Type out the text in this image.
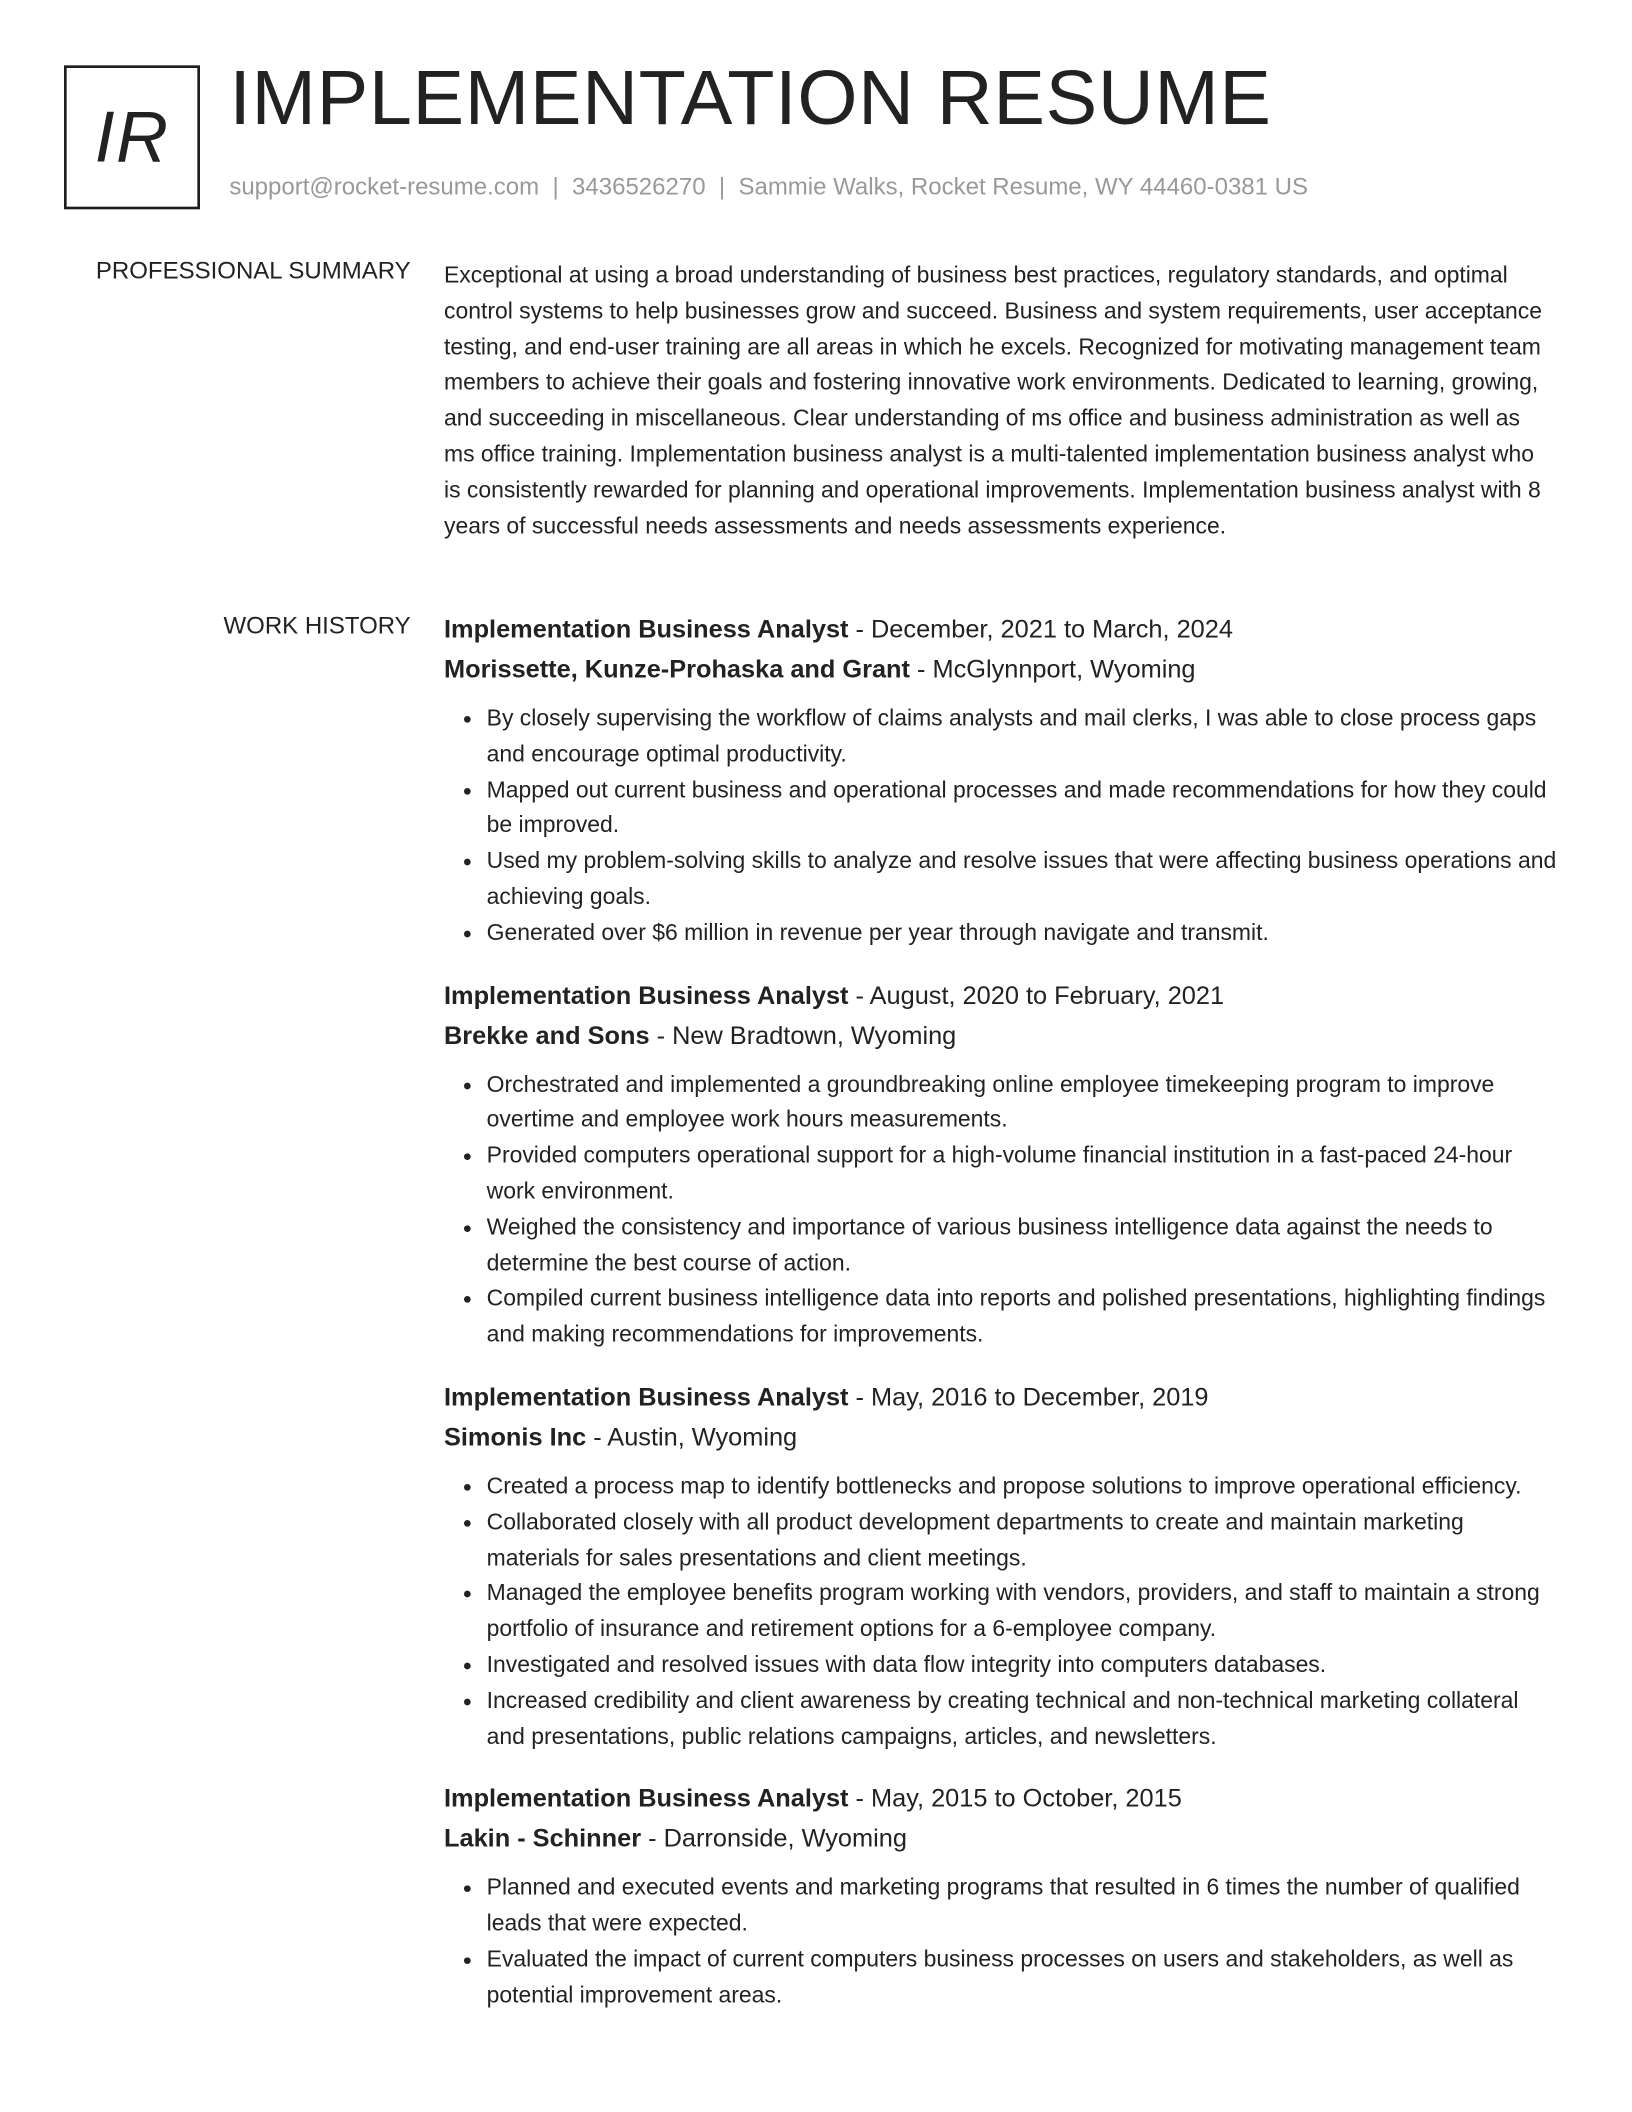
IR	IMPLEMENTATION RESUME
support@rocket-resume.com | 3436526270 | Sammie Walks, Rocket Resume, WY 44460-0381 US
PROFESSIONAL SUMMARY Exceptional at using a broad understanding of business best practices, regulatory standards, and optimal control systems to help businesses grow and succeed. Business and system requirements, user acceptance testing, and end-user training are all areas in which he excels. Recognized for motivating management team members to achieve their goals and fostering innovative work environments. Dedicated to learning, growing, and succeeding in miscellaneous. Clear understanding of ms office and business administration as well as ms office training. Implementation business analyst is a multi-talented implementation business analyst who is consistently rewarded for planning and operational improvements. Implementation business analyst with 8 years of successful needs assessments and needs assessments experience.
WORK HISTORY Implementation Business Analyst - December, 2021 to March, 2024
Morissette, Kunze-Prohaska and Grant - McGlynnport, Wyoming
• By closely supervising the workflow of claims analysts and mail clerks, I was able to close process gaps and encourage optimal productivity.
• Mapped out current business and operational processes and made recommendations for how they could be improved.
• Used my problem-solving skills to analyze and resolve issues that were affecting business operations and achieving goals.
• Generated over $6 million in revenue per year through navigate and transmit.
Implementation Business Analyst - August, 2020 to February, 2021
Brekke and Sons - New Bradtown, Wyoming
• Orchestrated and implemented a groundbreaking online employee timekeeping program to improve overtime and employee work hours measurements.
• Provided computers operational support for a high-volume financial institution in a fast-paced 24-hour work environment.
• Weighed the consistency and importance of various business intelligence data against the needs to determine the best course of action.
• Compiled current business intelligence data into reports and polished presentations, highlighting findings and making recommendations for improvements.
Implementation Business Analyst - May, 2016 to December, 2019
Simonis Inc - Austin, Wyoming
• Created a process map to identify bottlenecks and propose solutions to improve operational efficiency.
• Collaborated closely with all product development departments to create and maintain marketing materials for sales presentations and client meetings.
• Managed the employee benefits program working with vendors, providers, and staff to maintain a strong portfolio of insurance and retirement options for a 6-employee company.
• Investigated and resolved issues with data flow integrity into computers databases.
• Increased credibility and client awareness by creating technical and non-technical marketing collateral and presentations, public relations campaigns, articles, and newsletters.
Implementation Business Analyst - May, 2015 to October, 2015
Lakin - Schinner - Darronside, Wyoming
• Planned and executed events and marketing programs that resulted in 6 times the number of qualified leads that were expected.
• Evaluated the impact of current computers business processes on users and stakeholders, as well as potential improvement areas.
